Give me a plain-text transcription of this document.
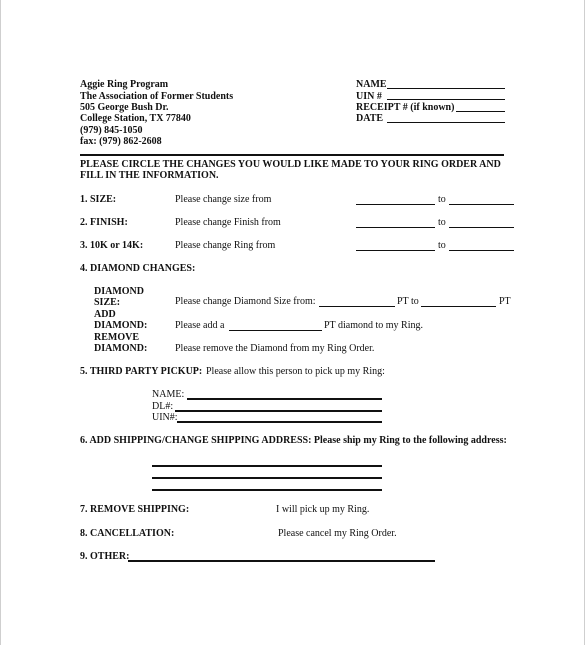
Aggie Ring Program
The Association of Former Students
505 George Bush Dr.
College Station, TX 77840
(979) 845-1050
fax: (979) 862-2608
NAME
UIN #
RECEIPT # (if known)
DATE
PLEASE CIRCLE THE CHANGES YOU WOULD LIKE MADE TO YOUR RING ORDER AND
FILL IN THE INFORMATION.
1. SIZE:	Please change size from	to
2. FINISH:	Please change Finish from	to
3. 10K or 14K:	Please change Ring from	to
4. DIAMOND CHANGES:
DIAMOND
SIZE:	Please change Diamond Size from:	PT to	PT
ADD
DIAMOND:	Please add a	PT diamond to my Ring.
REMOVE
DIAMOND:	Please remove the Diamond from my Ring Order.
5. THIRD PARTY PICKUP: Please allow this person to pick up my Ring:
NAME:
DL#:
UIN#:
6. ADD SHIPPING/CHANGE SHIPPING ADDRESS: Please ship my Ring to the following address:
7. REMOVE SHIPPING:	I will pick up my Ring.
8. CANCELLATION:	Please cancel my Ring Order.
9. OTHER:
